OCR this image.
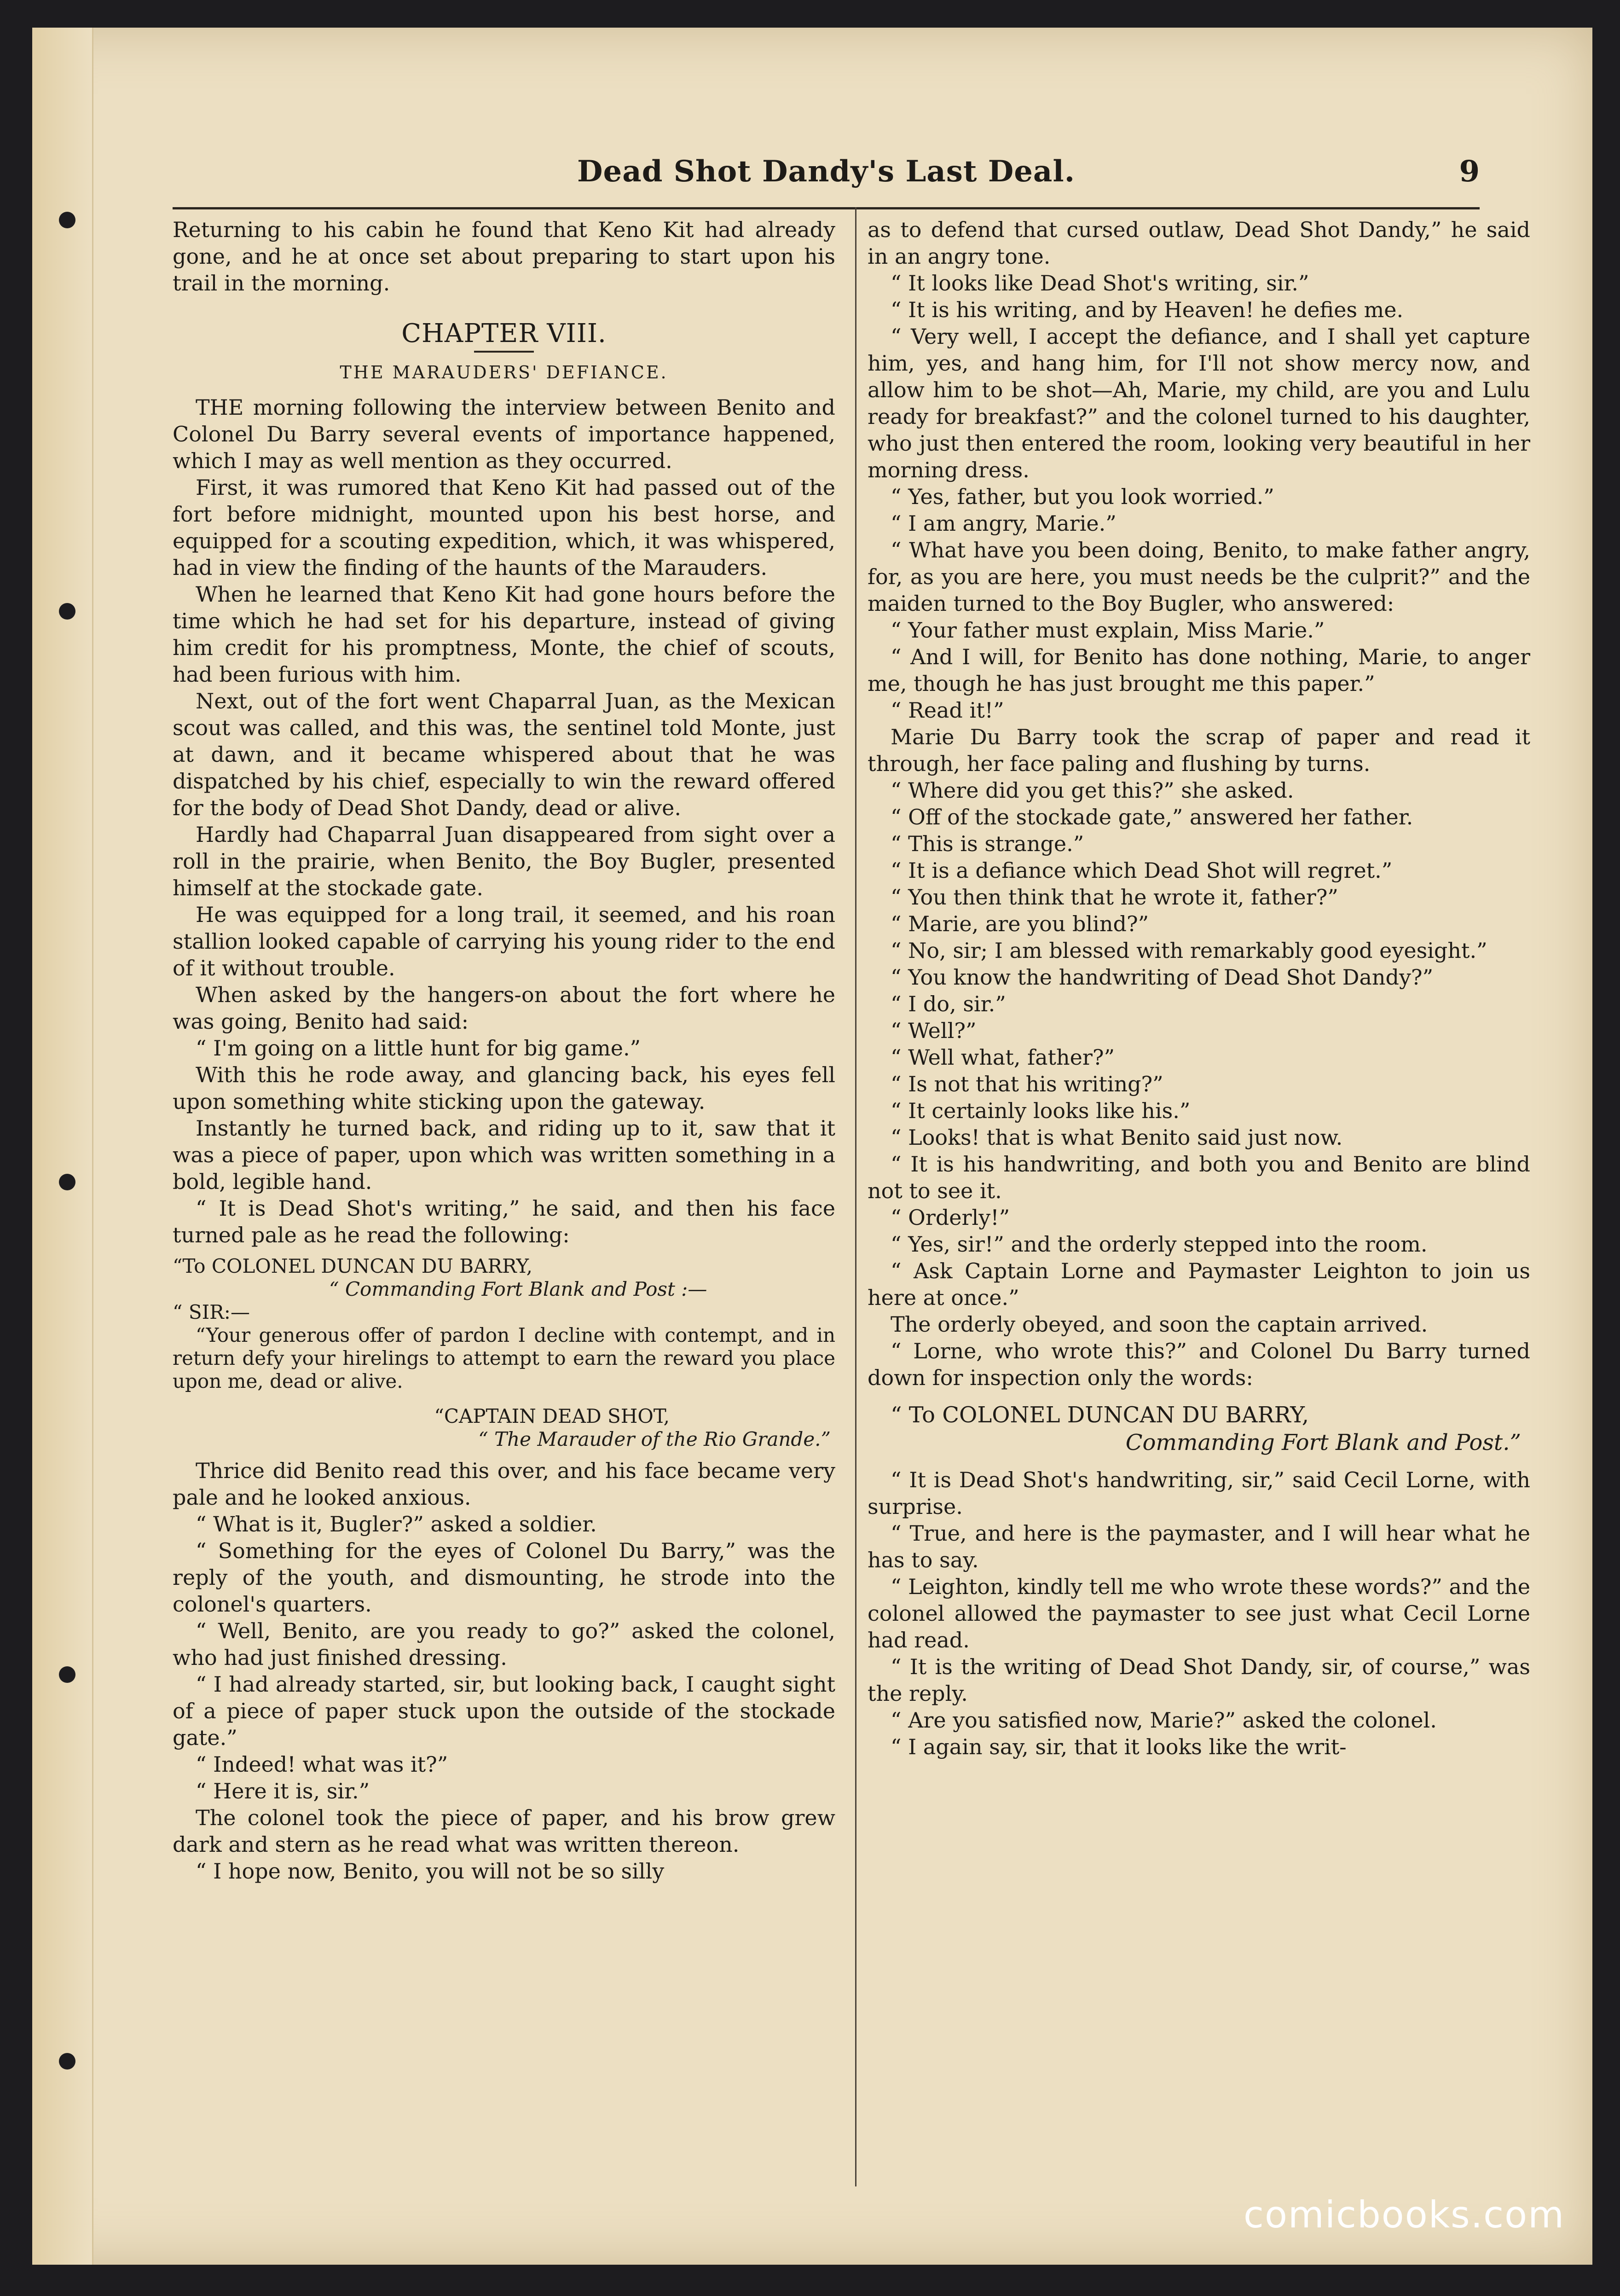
Dead Shot Dandy's Last Deal.	9

Returning to his cabin he found that Keno Kit had already gone, and he at once set about preparing to start upon his trail in the morning.

CHAPTER VIII.
THE MARAUDERS' DEFIANCE.

THE morning following the interview between Benito and Colonel Du Barry several events of importance happened, which I may as well mention as they occurred.

First, it was rumored that Keno Kit had passed out of the fort before midnight, mounted upon his best horse, and equipped for a scouting expedition, which, it was whispered, had in view the finding of the haunts of the Marauders.

When he learned that Keno Kit had gone hours before the time which he had set for his departure, instead of giving him credit for his promptness, Monte, the chief of scouts, had been furious with him.

Next, out of the fort went Chaparral Juan, as the Mexican scout was called, and this was, the sentinel told Monte, just at dawn, and it became whispered about that he was dispatched by his chief, especially to win the reward offered for the body of Dead Shot Dandy, dead or alive.

Hardly had Chaparral Juan disappeared from sight over a roll in the prairie, when Benito, the Boy Bugler, presented himself at the stockade gate.

He was equipped for a long trail, it seemed, and his roan stallion looked capable of carrying his young rider to the end of it without trouble.

When asked by the hangers-on about the fort where he was going, Benito had said:

“ I'm going on a little hunt for big game.”

With this he rode away, and glancing back, his eyes fell upon something white sticking upon the gateway.

Instantly he turned back, and riding up to it, saw that it was a piece of paper, upon which was written something in a bold, legible hand.

“ It is Dead Shot's writing,” he said, and then his face turned pale as he read the following:

“To COLONEL DUNCAN DU BARRY,

“ Commanding Fort Blank and Post :—

“ SIR:—

“Your generous offer of pardon I decline with contempt, and in return defy your hirelings to attempt to earn the reward you place upon me, dead or alive.

“CAPTAIN DEAD SHOT,
“ The Marauder of the Rio Grande.”

Thrice did Benito read this over, and his face became very pale and he looked anxious.

“ What is it, Bugler?” asked a soldier.

“ Something for the eyes of Colonel Du Barry,” was the reply of the youth, and dismounting, he strode into the colonel's quarters.

“ Well, Benito, are you ready to go?” asked the colonel, who had just finished dressing.

“ I had already started, sir, but looking back, I caught sight of a piece of paper stuck upon the outside of the stockade gate.”

“ Indeed! what was it?”

“ Here it is, sir.”

The colonel took the piece of paper, and his brow grew dark and stern as he read what was written thereon.

“ I hope now, Benito, you will not be so silly

as to defend that cursed outlaw, Dead Shot Dandy,” he said in an angry tone.

“ It looks like Dead Shot's writing, sir.”

“ It is his writing, and by Heaven! he defies me.

“ Very well, I accept the defiance, and I shall yet capture him, yes, and hang him, for I'll not show mercy now, and allow him to be shot—Ah, Marie, my child, are you and Lulu ready for breakfast?” and the colonel turned to his daughter, who just then entered the room, looking very beautiful in her morning dress.

“ Yes, father, but you look worried.”

“ I am angry, Marie.”

“ What have you been doing, Benito, to make father angry, for, as you are here, you must needs be the culprit?” and the maiden turned to the Boy Bugler, who answered:

“ Your father must explain, Miss Marie.”

“ And I will, for Benito has done nothing, Marie, to anger me, though he has just brought me this paper.”

“ Read it!”

Marie Du Barry took the scrap of paper and read it through, her face paling and flushing by turns.

“ Where did you get this?” she asked.

“ Off of the stockade gate,” answered her father.

“ This is strange.”

“ It is a defiance which Dead Shot will regret.”

“ You then think that he wrote it, father?”

“ Marie, are you blind?”

“ No, sir; I am blessed with remarkably good eyesight.”

“ You know the handwriting of Dead Shot Dandy?”

“ I do, sir.”

“ Well?”

“ Well what, father?”

“ Is not that his writing?”

“ It certainly looks like his.”

“ Looks! that is what Benito said just now.

“ It is his handwriting, and both you and Benito are blind not to see it.

“ Orderly!”

“ Yes, sir!” and the orderly stepped into the room.

“ Ask Captain Lorne and Paymaster Leighton to join us here at once.”

The orderly obeyed, and soon the captain arrived.

“ Lorne, who wrote this?” and Colonel Du Barry turned down for inspection only the words:

“ To COLONEL DUNCAN DU BARRY,

Commanding Fort Blank and Post.”

“ It is Dead Shot's handwriting, sir,” said Cecil Lorne, with surprise.

“ True, and here is the paymaster, and I will hear what he has to say.

“ Leighton, kindly tell me who wrote these words?” and the colonel allowed the paymaster to see just what Cecil Lorne had read.

“ It is the writing of Dead Shot Dandy, sir, of course,” was the reply.

“ Are you satisfied now, Marie?” asked the colonel.

“ I again say, sir, that it looks like the writ-

comicbooks.com
